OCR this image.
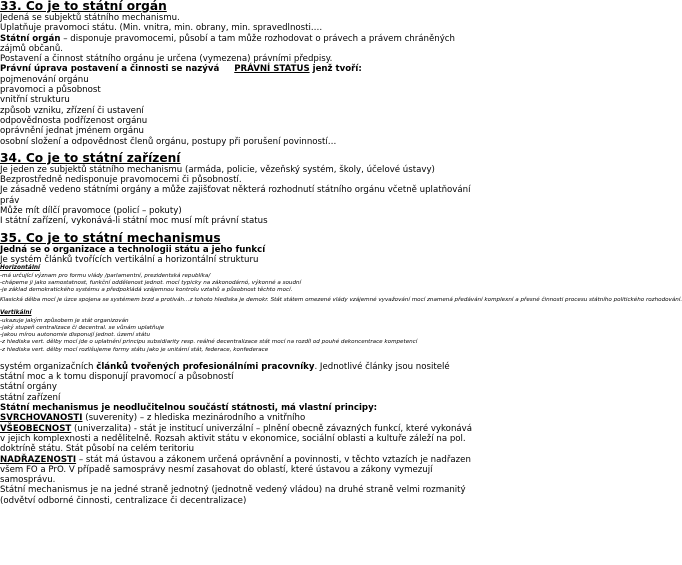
33. Co je to státní orgán
Jedená se subjektů státního mechanismu.
Uplatňuje pravomoci státu. (Min. vnitra, min. obrany, min. spravedlnosti.…
Státní orgán – disponuje pravomocemi, působí a tam může rozhodovat o právech a právem chráněných zájmů občanů.
Postavení a činnost státního orgánu je určena (vymezena) právními předpisy.
Právní úprava postavení a činnosti se nazývá PRÁVNÍ STATUS jenž tvoří:
pojmenování orgánu
pravomoci a působnost
vnitřní strukturu
způsob vzniku, zřízení či ustavení
odpovědnosta podřízenost orgánu
oprávnění jednat jménem orgánu
osobní složení a odpovědnost členů orgánu, postupy při porušení povinností…
34. Co je to státní zařízení
Je jeden ze subjektů státního mechanismu (armáda, policie, vězeňský systém, školy, účelové ústavy)
Bezprostředně nedisponuje pravomocemi či působností.
Je zásadně vedeno státními orgány a může zajišťovat některá rozhodnutí státního orgánu včetně uplatňování práv
Může mít dílčí pravomoce (policí – pokuty)
I státní zařízení, vykonává-li státní moc musí mít právní status
35. Co je to státní mechanismus
Jedná se o organizace a technologii státu a jeho funkcí
Je systém článků tvořících vertikální a horizontální strukturu
Horizontální
-má určující význam pro formu vlády /parlamentní, prezidentská republika/
-chápeme ji jako samostatnost, funkční oddělenost jednot. mocí typicky na zákonodárnó, výkonné a soudní
-je základ demokratického systému a předpokládá vzájemnou kontrolu vztahů a působnost těchto mocí.
Klasická dělba mocí je úzce spojena se systémem brzd a protiváh…z tohoto hlediska je demokr. Stát státem omezené vlády vzájemné vyvažování mocí znamená předávání komplexní a přesné činnosti procesu státního politického rozhodování.
Vertikální
-ukazuje jakým způsobem je stát organizován
-jaký stupeň centralizace či decentral. se vůnám uplatňuje
-jakou mírou autonomie disponují jednot. území státu
-z hlediska vert. dělby mocí jde o uplatnění principu subsidiarity resp. reálné decentralizace stát mocí na rozdíl od pouhé dekoncentrace kompetencí
-z hlediska vert. dělby mocí rozlišujeme formy státu jako je unitární stát, federace, konfederace
systém organizačních článků tvořených profesionálními pracovníky. Jednotlivé články jsou nositelé státní moc a k tomu disponují pravomocí a působností
státní orgány
státní zařízení
Státní mechanismus je neodlučitelnou součástí státnosti, má vlastní principy:
SVRCHOVANOSTI (suverenity) – z hlediska mezinárodního a vnitřního
VŠEOBECNOST (univerzalita) - stát je institucí univerzální – plnění obecně závazných funkcí, které vykonává v jejich komplexnosti a nedělitelně. Rozsah aktivit státu v ekonomice, sociální oblasti a kultuře záleží na pol. doktríně státu. Stát působí na celém teritoriu
NADŘAZENOSTI – stát má ústavou a zákonem určená oprávnění a povinnosti, v těchto vztazích je nadřazen všem FO a PrO. V případě samosprávy nesmí zasahovat do oblastí, které ústavou a zákony vymezují samosprávu.
Státní mechanismus je na jedné straně jednotný (jednotně vedený vládou) na druhé straně velmi rozmanitý (odvětví odborné činnosti, centralizace či decentralizace)
